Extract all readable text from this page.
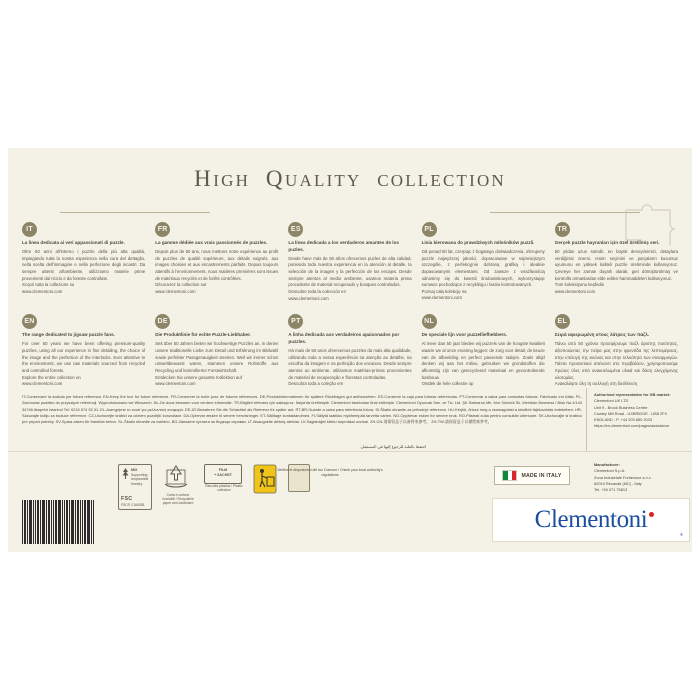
HIGH QUALITY COLLECTION
IT
La linea dedicata ai veri appassionati di puzzle.
Oltre 50 anni all'interno i puzzle della più alta qualità, impiegando tutta la nostra esperienza nella cura del dettaglio, nella scelta dell'immagine e nella perfezione degli incastri. Da sempre attenti all'ambiente, utilizziamo materie prime provenienti dal riciclo e da foreste controllate.
Scopri tutta la collezione su
www.clementoni.com
FR
La gamme dédiée aux vrais passionnés de puzzles.
Depuis plus de 50 ans, nous mettons notre expérience au profit de puzzles de qualité supérieure, aux détails soignés, aux images choisies et aux encastrements parfaits. Depuis toujours attentifs à l'environnement, nous matières premières sont issues de matériaux recyclés et de forêts contrôlées.
Découvrez la collection sur
www.clementoni.com
ES
La línea dedicada a los verdaderos amantes de los puzles.
Desde hace más de 50 años ofrecemos puzles de alta calidad, poniendo toda nuestra experiencia en la atención al detalle, la selección de la imagen y la perfección de los encajes. Desde siempre atentos al medio ambiente, usamos materia prima procedente de material recuperado y bosques controlados.
Descubre toda la colección en
www.clementoni.com
PL
Linia kierowana do prawdziwych miłośników puzzli.
Od ponad 50 lat, czerpiąc z bogatego doświadczenia, oferujemy puzzle najwyższej jakości, dopracowane w najmniejszym szczególe, z perfekcyjnie dobraną grafiką i idealnie dopasowanymi elementami. Od zawsze z wrażliwością odnosimy się do kwestii środowiskowych, wykorzystując surowce pochodzące z recyklingu i lasów kontrolowanych.
Poznaj całą kolekcję na
www.clementoni.com
TR
Gerçek puzzle hayranları için özel üretilmiş seri.
50 yıldan uzun süredir, en büyük deneyimimizi, detaylara verdiğimiz önemi, resim seçimini ve parçaların kusursuz uyumunu en yüksek kaliteli puzzle üretiminde kullanıyoruz. Çevreye her zaman duyarlı olarak, geri dönüştürülmüş ve kontrollü ormanlardan elde edilen hammaddeleri kullanıyoruz.
Tüm koleksiyonu keşfedin
www.clementoni.com
EN
The range dedicated to jigsaw puzzle fans.
For over 50 years we have been offering premium-quality puzzles, using all our experience in fine detailing, the choice of the image and the perfection of the interlocks. Ever attentive to the environment, we use raw materials sourced from recycled and controlled forests.
Explore the entire collection on
www.clementoni.com
DE
Die Produktlinie für echte Puzzle-Liebhaber.
Seit über 50 Jahren bieten wir hochwertige Puzzles an, in denen unsere traditionelle Liebe zum Detail und Erfahrung im Bildwahl sowie perfekter Passgenauigkeit stecken. Weil wir immer schon umweltbewusst waren, stammen unsere Rohstoffe aus Recycling und kontrollierter Forstwirtschaft.
Entdecken Sie unsere gesamte Kollektion auf
www.clementoni.com
PT
A linha dedicada aos verdadeiros apaixonados por puzzles.
Há mais de 50 anos oferecemos puzzles da mais alta qualidade, utilizando toda a nossa experiência na atenção ao detalhe, na escolha da imagem e na perfeição dos encaixes. Desde sempre atentos ao ambiente, utilizamos matérias-primas provenientes de material de recuperação e florestas controladas.
Descubra toda a coleção em
NL
De speciale lijn voor puzzelliefhebbers.
Al meer dan 50 jaar bieden wij puzzels van de hoogste kwaliteit waarin we al onze ervaring leggen: de zorg voor detail, de keuze van de afbeelding en perfect passende stukjes. Zoals altijd denken wij aan het milieu, gebruiken we grondstoffen die afkomstig zijn van gerecycleerd materiaal en gecontroleerde bosbouw.
Ontdek de hele collectie op
EL
Σειρά αφιερωμένη στους λάτρεις των παζλ.
Πάνω από 50 χρόνια προσφέρουμε παζλ άριστης ποιότητας, αξιοποιώντας την πείρα μας στην φροντίδα της λεπτομέρειας, στην επιλογή της εικόνας και στην τελειότητα των συναρμογών. Πάντα προσεκτικοί απέναντι στο περιβάλλον, χρησιμοποιούμε πρώτες ύλες από ανακυκλωμένα υλικά και δάση ελεγχόμενης υλοτομίας.
Ανακαλύψτε όλη τη συλλογή στη διεύθυνση
IT-Conservare la scatola per futura referenza. EN-Keep the box for future reference. FR-Conserver la boîte pour de futures références. DE-Produktinformationen für spätere Rückfragen gut aufbewahren. ES-Conserve la caja para futuras referencias. PT-Conservar a caixa para consultas futuras. Fabricado em Itália. PL-Zachować pudełko do przyszłych referencji. Wyprodukowano we Włoszech. NL-De doos bewaren voor verdere informatie. TR-Bilgileri referans için saklayınız. İtalya'da üretilmiştir. Clementoni tarafından ithal edilmiştir. Clementoni Oyuncak San. ve Tic. Ltd. Şti. Barbaros Mh. Mor Sümbül Sk. Meridian Business İ Blok No:1/144 34746 Ataşehir İstanbul Tel: 0216 574 93 31. EL-Διατηρήστε το κουτί για μελλοντική αναφορά. DE-AT-Bewahren Sie die Schachtel als Referenz für später auf. RT-BR-Guarde a caixa para referência futura. SI-Škatlo shranite za prihodnje reference. HU-Kérjük, őrizze meg a csomagolást a későbbi tájékozódás érdekében. HR-Sačuvajte kutiju za buduće reference. CZ-Uschovejte krabici za účelem pozdější konzultace. DA-Opbevar æsken til senere henvisninger. ET-Säilitage kontaktandmed. FI-Säilytä laatikko myöhempää tarvetta varten. NO-Oppbevar esken for senere bruk. RO-Păstrați cutia pentru consultări ulterioare. SK-Uschovajte si krabicu pre prípad potreby. SV-Spara asken för framtida behov. SL-Škatlo shranite za vsebino. BG-Запазете кутията за бъдещи справки. LT-Išsaugokite dėžutę ateičiai. LV-Saglabājiet kārbu turpmākai uzziņai. ZH-CN-请保留盒子以备将来参考。 ZH-TW-請保留盒子以備將來參考。
احتفظ بالعلبة للرجوع إليها في المستقبل.
Authorised representative for GB market:
Clementoni UK LTD
Unit 9 - Brook Business Centre
Cowley Mill Road - UXBRIDGE - UB8 2FX
ENGLAND - P. +44 203 880 2033
https://en.clementoni.com/pages/assistance
MIX
Supporting responsible forestry
FSC
FSC® C166038
Carta e cartone riciclabili / Recyclable paper and cardboard
FILM
+ SACHET
Raccolta plastica / Plastic collection
Verifica le disposizioni del tuo Comune / Check your local authority's regulations	MADE IN ITALY
Manufacturer:
Clementoni S.p.A.
Zona Industriale Fontenoce s.n.c.
62019 Recanati (MC) - Italy
Tel. +39 071 75813
Clementoni
®
